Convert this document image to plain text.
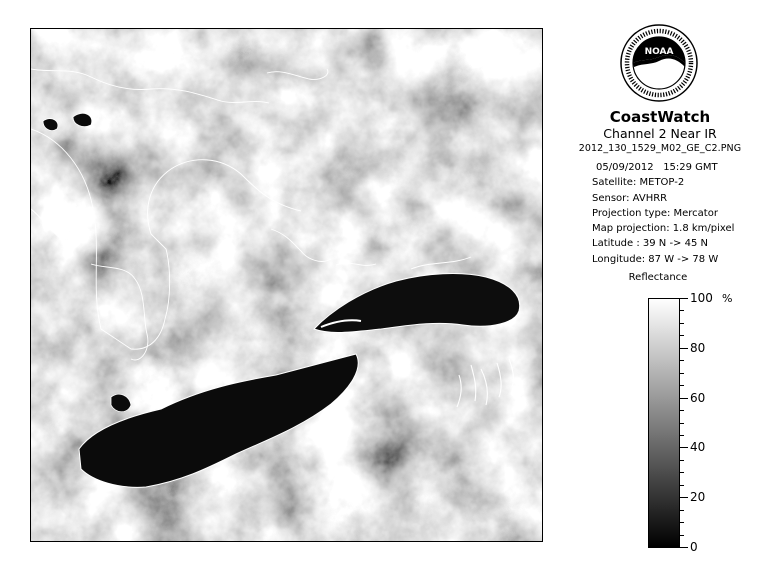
NOAA

CoastWatch

Channel 2 Near IR

2012_130_1529_M02_GE_C2.PNG

05/09/2012 15:29 GMT
Satellite: METOP-2
Sensor: AVHRR
Projection type: Mercator
Map projection: 1.8 km/pixel
Latitude : 39 N -> 45 N
Longitude: 87 W -> 78 W
Reflectance
%
100
80
60
40
20
0
